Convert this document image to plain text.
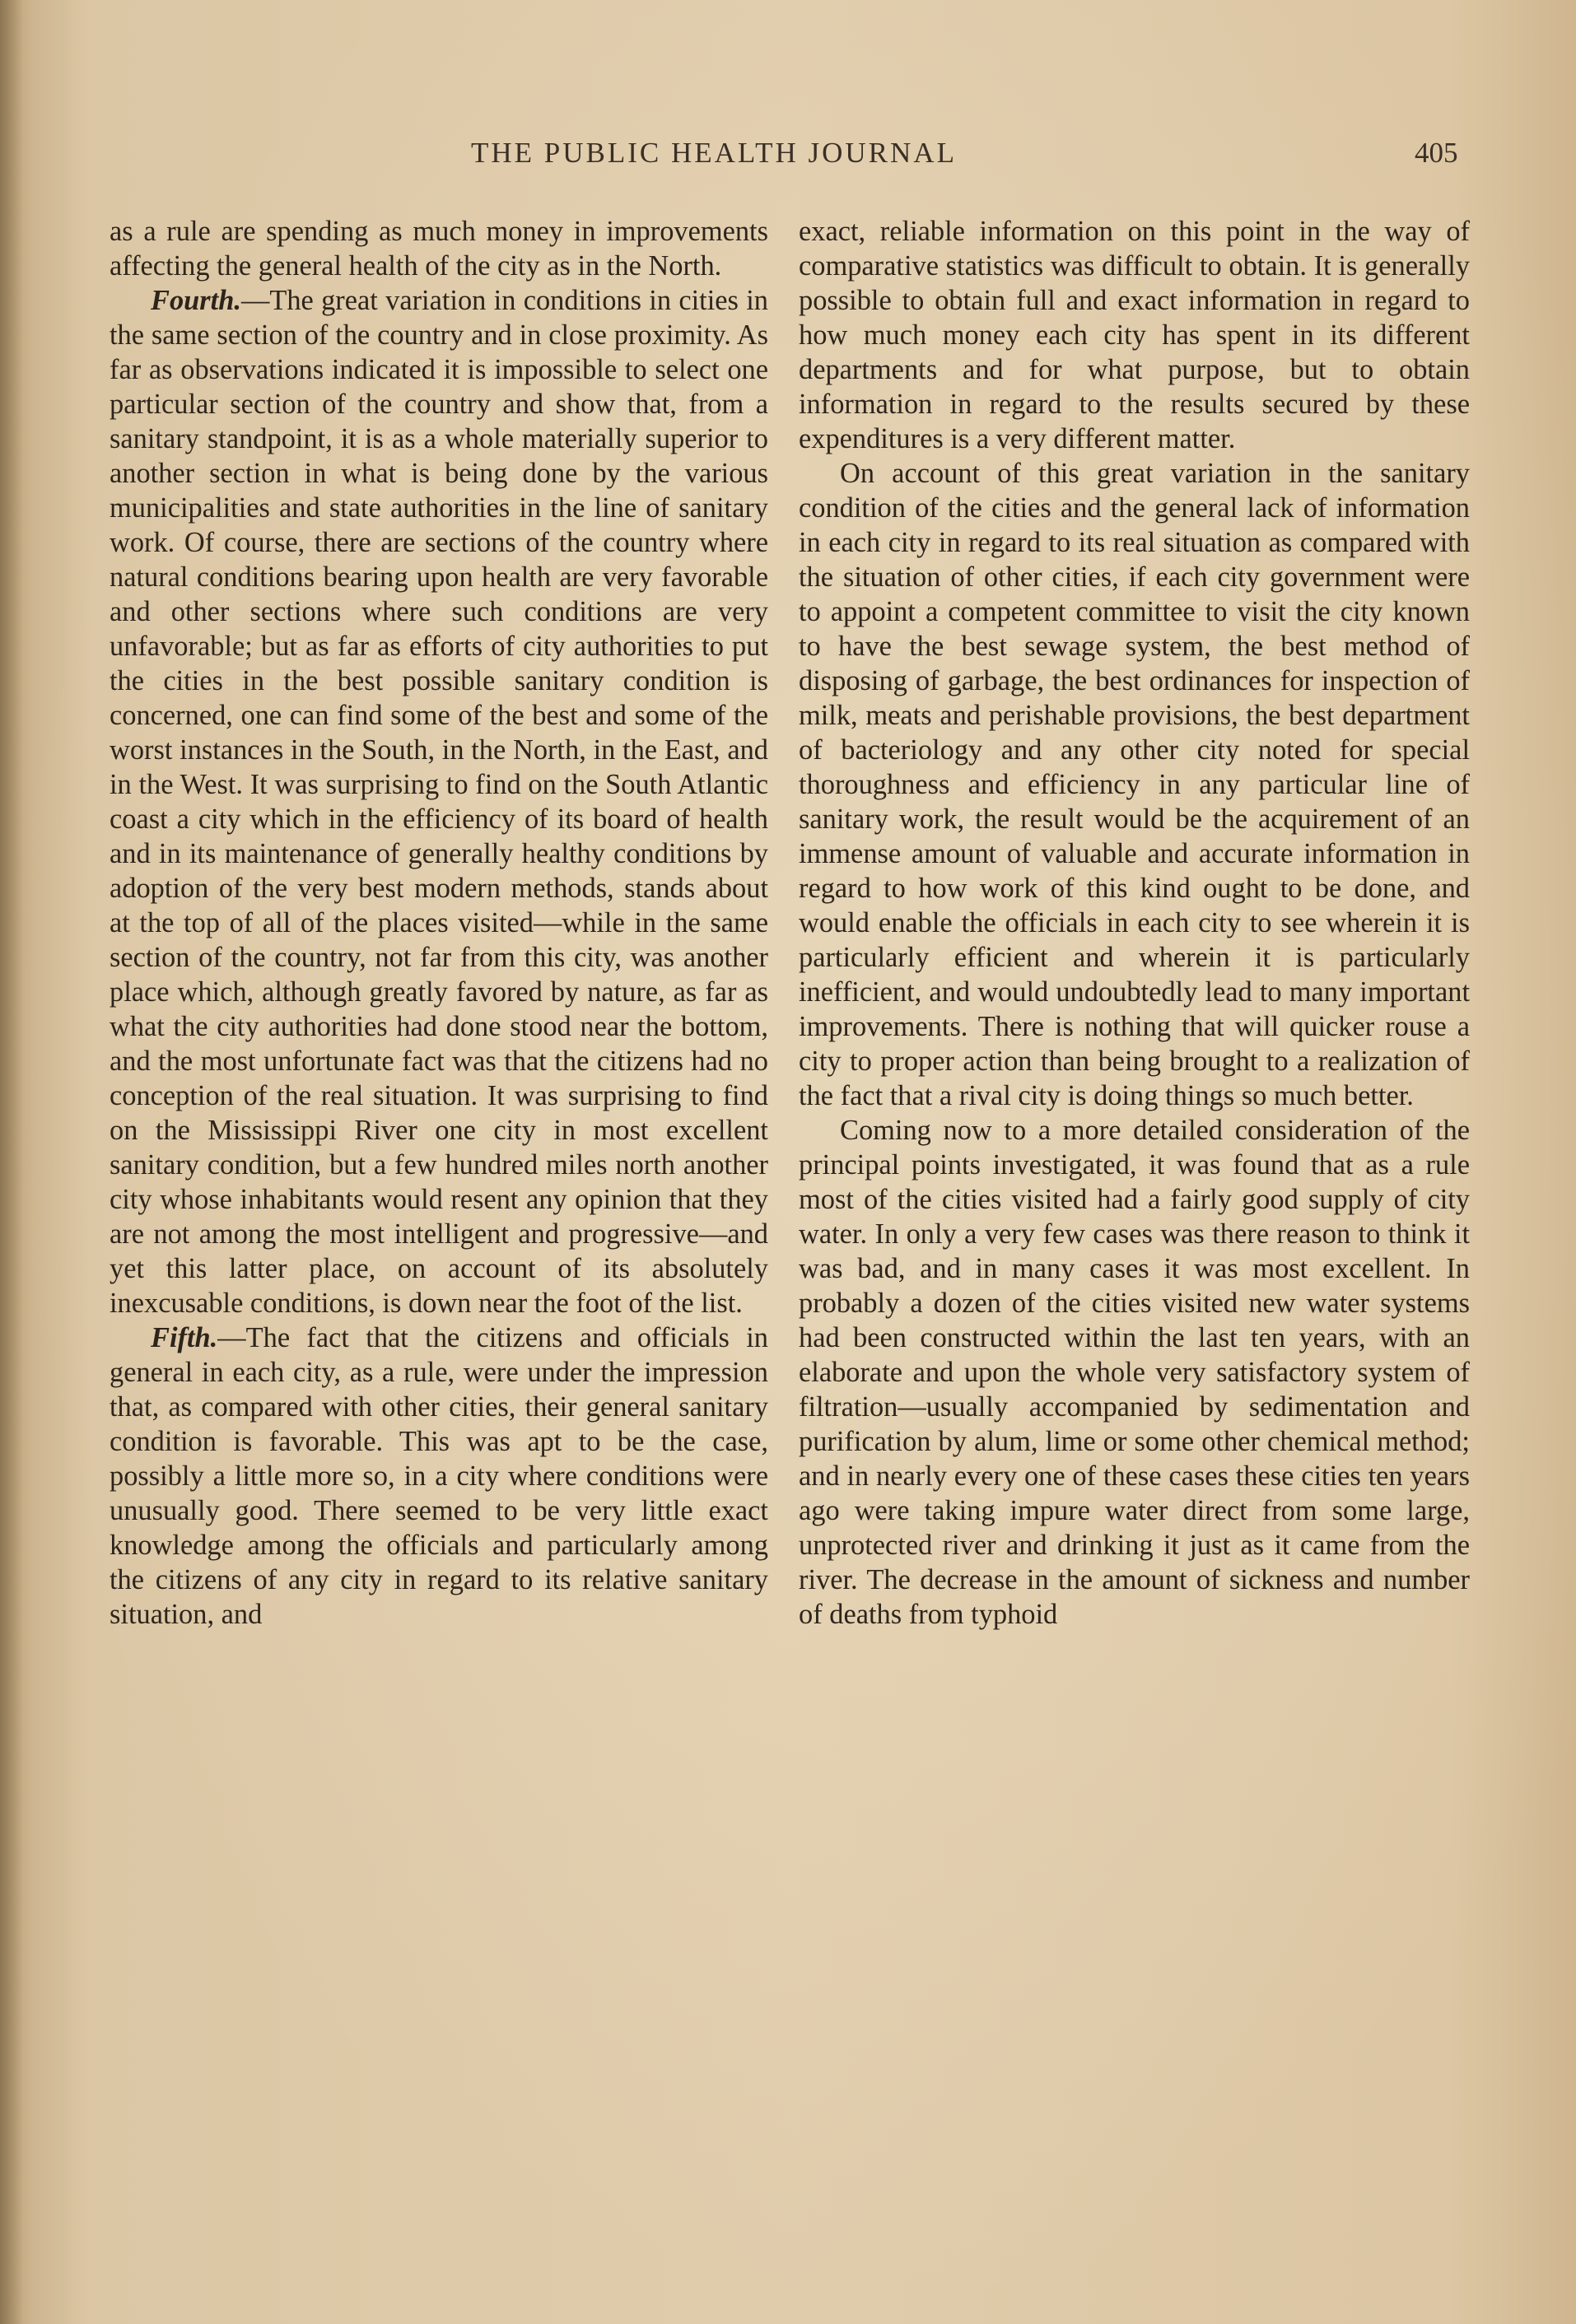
THE PUBLIC HEALTH JOURNAL	405

as a rule are spending as much money in improvements affecting the general health of the city as in the North.

Fourth.—The great variation in conditions in cities in the same section of the country and in close proximity. As far as observations indicated it is impossible to select one particular section of the country and show that, from a sanitary standpoint, it is as a whole materially superior to another section in what is being done by the various municipalities and state authorities in the line of sanitary work. Of course, there are sections of the country where natural conditions bearing upon health are very favorable and other sections where such conditions are very unfavorable; but as far as efforts of city authorities to put the cities in the best possible sanitary condition is concerned, one can find some of the best and some of the worst instances in the South, in the North, in the East, and in the West. It was surprising to find on the South Atlantic coast a city which in the efficiency of its board of health and in its maintenance of generally healthy conditions by adoption of the very best modern methods, stands about at the top of all of the places visited—while in the same section of the country, not far from this city, was another place which, although greatly favored by nature, as far as what the city authorities had done stood near the bottom, and the most unfortunate fact was that the citizens had no conception of the real situation. It was surprising to find on the Mississippi River one city in most excellent sanitary condition, but a few hundred miles north another city whose inhabitants would resent any opinion that they are not among the most intelligent and progressive—and yet this latter place, on account of its absolutely inexcusable conditions, is down near the foot of the list.

Fifth.—The fact that the citizens and officials in general in each city, as a rule, were under the impression that, as compared with other cities, their general sanitary condition is favorable. This was apt to be the case, possibly a little more so, in a city where conditions were unusually good. There seemed to be very little exact knowledge among the officials and particularly among the citizens of any city in regard to its relative sanitary situation, and

exact, reliable information on this point in the way of comparative statistics was difficult to obtain. It is generally possible to obtain full and exact information in regard to how much money each city has spent in its different departments and for what purpose, but to obtain information in regard to the results secured by these expenditures is a very different matter.

On account of this great variation in the sanitary condition of the cities and the general lack of information in each city in regard to its real situation as compared with the situation of other cities, if each city government were to appoint a competent committee to visit the city known to have the best sewage system, the best method of disposing of garbage, the best ordinances for inspection of milk, meats and perishable provisions, the best department of bacteriology and any other city noted for special thoroughness and efficiency in any particular line of sanitary work, the result would be the acquirement of an immense amount of valuable and accurate information in regard to how work of this kind ought to be done, and would enable the officials in each city to see wherein it is particularly efficient and wherein it is particularly inefficient, and would undoubtedly lead to many important improvements. There is nothing that will quicker rouse a city to proper action than being brought to a realization of the fact that a rival city is doing things so much better.

Coming now to a more detailed consideration of the principal points investigated, it was found that as a rule most of the cities visited had a fairly good supply of city water. In only a very few cases was there reason to think it was bad, and in many cases it was most excellent. In probably a dozen of the cities visited new water systems had been constructed within the last ten years, with an elaborate and upon the whole very satisfactory system of filtration—usually accompanied by sedimentation and purification by alum, lime or some other chemical method; and in nearly every one of these cases these cities ten years ago were taking impure water direct from some large, unprotected river and drinking it just as it came from the river. The decrease in the amount of sickness and number of deaths from typhoid
